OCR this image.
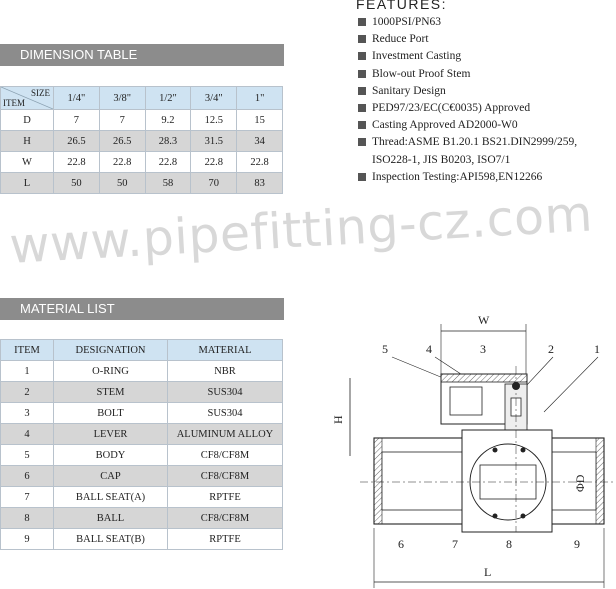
DIMENSION TABLE
SIZE
ITEM	1/4"	3/8"	1/2"	3/4"	1"
D	7	7	9.2	12.5	15
H	26.5	26.5	28.3	31.5	34
W	22.8	22.8	22.8	22.8	22.8
L	50	50	58	70	83
FEATURES:
1000PSI/PN63
Reduce Port
Investment Casting
Blow-out Proof Stem
Sanitary Design
PED97/23/EC(C€0035) Approved
Casting Approved AD2000-W0
Thread:ASME B1.20.1 BS21.DIN2999/259,
ISO228-1, JIS B0203, ISO7/1
Inspection Testing:API598,EN12266
www.pipefitting-cz.com
MATERIAL LIST
ITEM	DESIGNATION	MATERIAL
1	O-RING	NBR
2	STEM	SUS304
3	BOLT	SUS304
4	LEVER	ALUMINUM ALLOY
5	BODY	CF8/CF8M
6	CAP	CF8/CF8M
7	BALL SEAT(A)	RPTFE
8	BALL	CF8/CF8M
9	BALL SEAT(B)	RPTFE
W
5	4	3	2	1
H
ΦD
6	7	8	9
L
